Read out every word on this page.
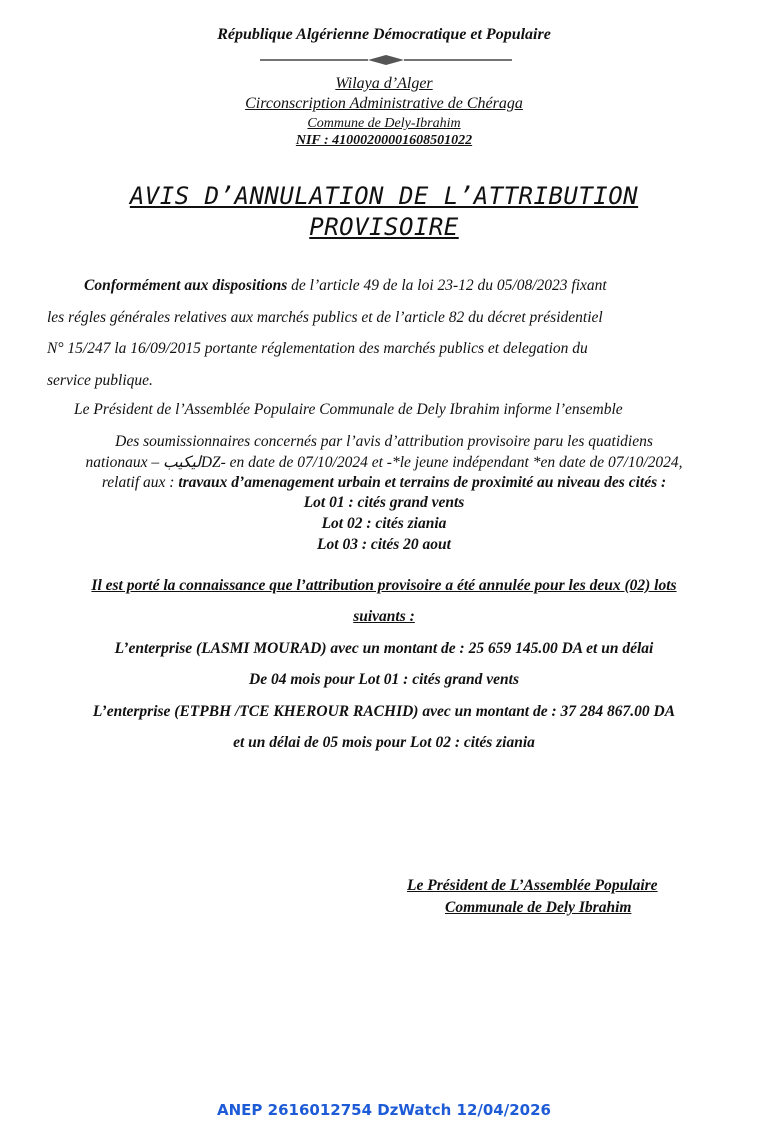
République Algérienne Démocratique et Populaire
Wilaya d’Alger
Circonscription Administrative de Chéraga
Commune de Dely-Ibrahim
NIF : 41000200001608501022
AVIS D’ANNULATION DE L’ATTRIBUTION
PROVISOIRE
Conformément aux dispositions de l’article 49 de la loi 23-12 du 05/08/2023 fixant
les régles générales relatives aux marchés publics et de l’article 82 du décret présidentiel
N° 15/247 la 16/09/2015 portante réglementation des marchés publics et delegation du
service publique.
Le Président de l’Assemblée Populaire Communale de Dely Ibrahim informe l’ensemble
Des soumissionnaires concernés par l’avis d’attribution provisoire paru les quatidiens
nationaux – ليكيبDZ- en date de 07/10/2024 et -*le jeune indépendant *en date de 07/10/2024,
relatif aux : travaux d’amenagement urbain et terrains de proximité au niveau des cités :
Lot 01 : cités grand vents
Lot 02 : cités ziania
Lot 03 : cités 20 aout
Il est porté la connaissance que l’attribution provisoire a été annulée pour les deux (02) lots
suivants :
L’enterprise (LASMI MOURAD) avec un montant de : 25 659 145.00 DA et un délai
De 04 mois pour Lot 01 : cités grand vents
L’enterprise (ETPBH /TCE KHEROUR RACHID) avec un montant de : 37 284 867.00 DA
et un délai de 05 mois pour Lot 02 : cités ziania
Le Président de L’Assemblée Populaire
Communale de Dely Ibrahim
ANEP 2616012754 DzWatch 12/04/2026
